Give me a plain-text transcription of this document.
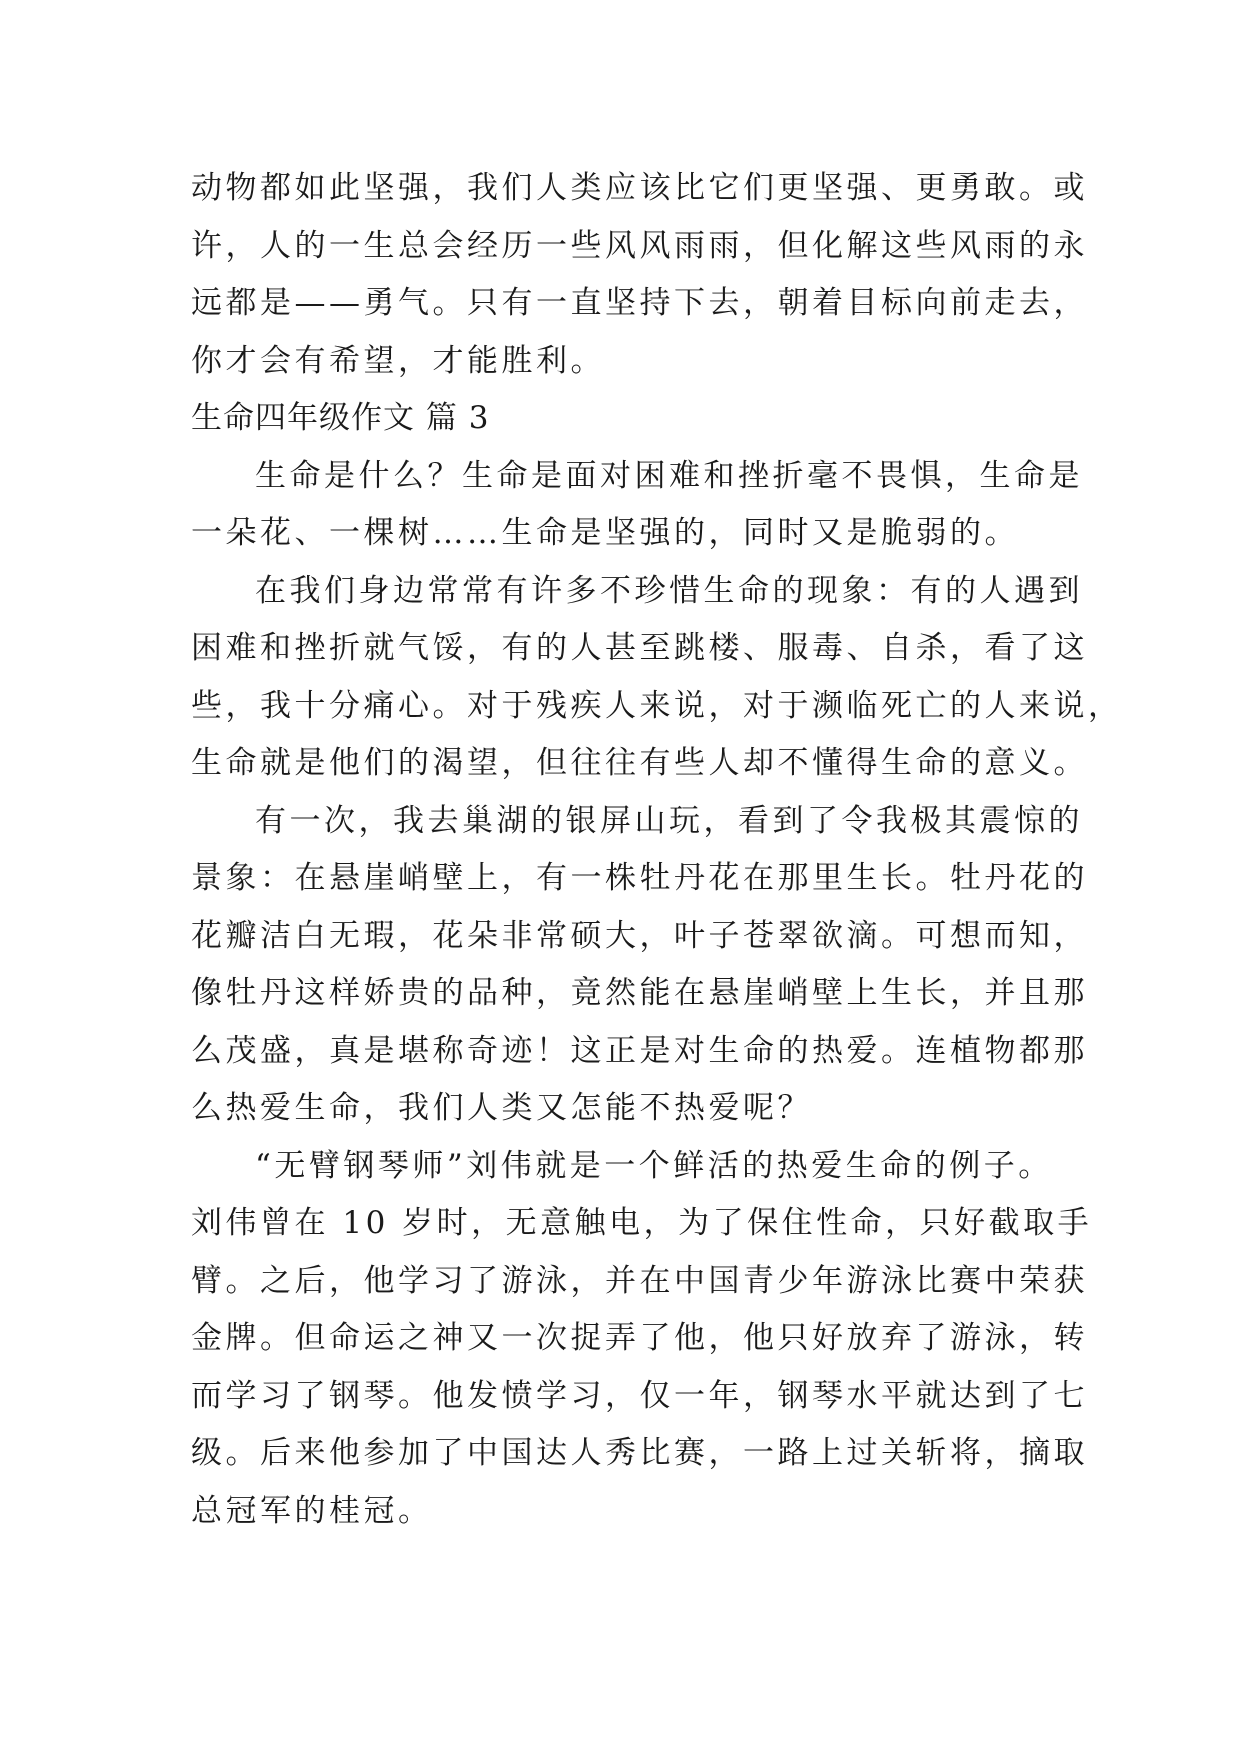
动物都如此坚强，我们人类应该比它们更坚强、更勇敢。或
许，人的一生总会经历一些风风雨雨，但化解这些风雨的永
远都是——勇气。只有一直坚持下去，朝着目标向前走去，
你才会有希望，才能胜利。
生命四年级作文 篇 3
生命是什么？生命是面对困难和挫折毫不畏惧，生命是
一朵花、一棵树……生命是坚强的，同时又是脆弱的。
在我们身边常常有许多不珍惜生命的现象：有的人遇到
困难和挫折就气馁，有的人甚至跳楼、服毒、自杀，看了这
些，我十分痛心。对于残疾人来说，对于濒临死亡的人来说，
生命就是他们的渴望，但往往有些人却不懂得生命的意义。
有一次，我去巢湖的银屏山玩，看到了令我极其震惊的
景象：在悬崖峭壁上，有一株牡丹花在那里生长。牡丹花的
花瓣洁白无瑕，花朵非常硕大，叶子苍翠欲滴。可想而知，
像牡丹这样娇贵的品种，竟然能在悬崖峭壁上生长，并且那
么茂盛，真是堪称奇迹！这正是对生命的热爱。连植物都那
么热爱生命，我们人类又怎能不热爱呢？
“无臂钢琴师”刘伟就是一个鲜活的热爱生命的例子。
刘伟曾在 10 岁时，无意触电，为了保住性命，只好截取手
臂。之后，他学习了游泳，并在中国青少年游泳比赛中荣获
金牌。但命运之神又一次捉弄了他，他只好放弃了游泳，转
而学习了钢琴。他发愤学习，仅一年，钢琴水平就达到了七
级。后来他参加了中国达人秀比赛，一路上过关斩将，摘取
总冠军的桂冠。
